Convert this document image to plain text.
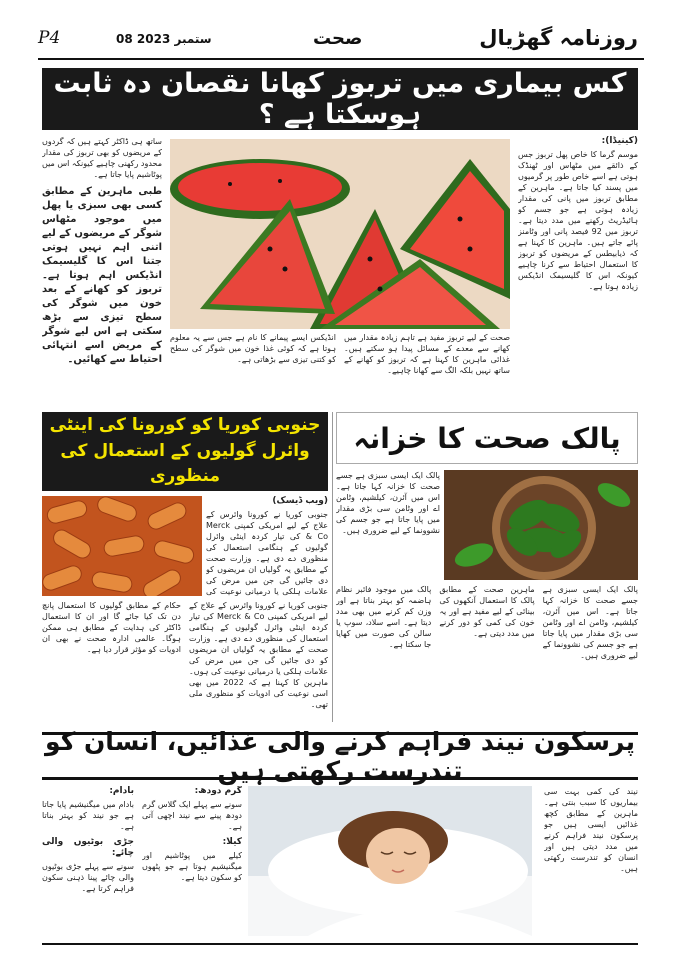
P4	08 ستمبر 2023	صحت	روزنامہ گھڑیال
کس بیماری میں تربوز کھانا نقصان دہ ثابت ہوسکتا ہے ؟
(کینیڈا):

موسم گرما کا خاص پھل تربوز جس کے ذائقے میں مٹھاس اور ٹھنڈک ہوتی ہے اسے خاص طور پر گرمیوں میں پسند کیا جاتا ہے۔ ماہرین کے مطابق تربوز میں پانی کی مقدار زیادہ ہوتی ہے جو جسم کو ہائیڈریٹ رکھنے میں مدد دیتا ہے۔ تربوز میں 92 فیصد پانی اور وٹامنز پائے جاتے ہیں۔ ماہرین کا کہنا ہے کہ ذیابیطس کے مریضوں کو تربوز کا استعمال احتیاط سے کرنا چاہیے کیونکہ اس کا گلیسیمک انڈیکس زیادہ ہوتا ہے۔

ساتھ ہی ڈاکٹر کہتے ہیں کہ گردوں کے مریضوں کو بھی تربوز کی مقدار محدود رکھنی چاہیے کیونکہ اس میں پوٹاشیم پایا جاتا ہے۔

طبی ماہرین کے مطابق کسی بھی سبزی یا پھل میں موجود مٹھاس شوگر کے مریضوں کے لیے اتنی اہم نہیں ہوتی جتنا اس کا گلیسیمک انڈیکس اہم ہوتا ہے۔ تربوز کو کھانے کے بعد خون میں شوگر کی سطح تیزی سے بڑھ سکتی ہے اس لیے شوگر کے مریض اسے انتہائی احتیاط سے کھائیں۔

صحت کے لیے تربوز مفید ہے تاہم زیادہ مقدار میں کھانے سے معدے کے مسائل پیدا ہو سکتے ہیں۔ غذائی ماہرین کا کہنا ہے کہ تربوز کو کھانے کے ساتھ نہیں بلکہ الگ سے کھانا چاہیے۔
انڈیکس ایسے پیمانے کا نام ہے جس سے یہ معلوم ہوتا ہے کہ کوئی غذا خون میں شوگر کی سطح کو کتنی تیزی سے بڑھاتی ہے۔
جنوبی کوریا کو کورونا کی اینٹی وائرل گولیوں کے استعمال کی منظوری
(ویب ڈیسک)

جنوبی کوریا نے کورونا وائرس کے علاج کے لیے امریکی کمپنی Merck & Co کی تیار کردہ اینٹی وائرل گولیوں کے ہنگامی استعمال کی منظوری دے دی ہے۔ وزارت صحت کے مطابق یہ گولیاں ان مریضوں کو دی جائیں گی جن میں مرض کی علامات ہلکی یا درمیانی نوعیت کی

جنوبی کوریا نے کورونا وائرس کے علاج کے لیے امریکی کمپنی Merck & Co کی تیار کردہ اینٹی وائرل گولیوں کے ہنگامی استعمال کی منظوری دے دی ہے۔ وزارت صحت کے مطابق یہ گولیاں ان مریضوں کو دی جائیں گی جن میں مرض کی علامات ہلکی یا درمیانی نوعیت کی ہوں۔ ماہرین کا کہنا ہے کہ 2022 میں بھی اسی نوعیت کی ادویات کو منظوری ملی تھی۔
حکام کے مطابق گولیوں کا استعمال پانچ دن تک کیا جائے گا اور ان کا استعمال ڈاکٹر کی ہدایت کے مطابق ہی ممکن ہوگا۔ عالمی ادارہ صحت نے بھی ان ادویات کو مؤثر قرار دیا ہے۔
پالک صحت کا خزانہ
پالک ایک ایسی سبزی ہے جسے صحت کا خزانہ کہا جاتا ہے۔ اس میں آئرن، کیلشیم، وٹامن اے اور وٹامن سی بڑی مقدار میں پایا جاتا ہے جو جسم کی نشوونما کے لیے ضروری ہیں۔
پالک ایک ایسی سبزی ہے جسے صحت کا خزانہ کہا جاتا ہے۔ اس میں آئرن، کیلشیم، وٹامن اے اور وٹامن سی بڑی مقدار میں پایا جاتا ہے جو جسم کی نشوونما کے لیے ضروری ہیں۔
ماہرین صحت کے مطابق پالک کا استعمال آنکھوں کی بینائی کے لیے مفید ہے اور یہ خون کی کمی کو دور کرنے میں مدد دیتی ہے۔
پالک میں موجود فائبر نظام ہاضمہ کو بہتر بناتا ہے اور وزن کم کرنے میں بھی مدد دیتا ہے۔ اسے سلاد، سوپ یا سالن کی صورت میں کھایا جا سکتا ہے۔
پرسکون نیند فراہم کرنے والی غذائیں، انسان کو تندرست رکھتی ہیں
نیند کی کمی بہت سی بیماریوں کا سبب بنتی ہے۔ ماہرین کے مطابق کچھ غذائیں ایسی ہیں جو پرسکون نیند فراہم کرنے میں مدد دیتی ہیں اور انسان کو تندرست رکھتی ہیں۔
گرم دودھ:

سونے سے پہلے ایک گلاس گرم دودھ پینے سے نیند اچھی آتی ہے۔

کیلا:

کیلے میں پوٹاشیم اور میگنیشیم ہوتا ہے جو پٹھوں کو سکون دیتا ہے۔

بادام:

بادام میں میگنیشیم پایا جاتا ہے جو نیند کو بہتر بناتا ہے۔

جڑی بوٹیوں والی چائے:

سونے سے پہلے جڑی بوٹیوں والی چائے پینا ذہنی سکون فراہم کرتا ہے۔
